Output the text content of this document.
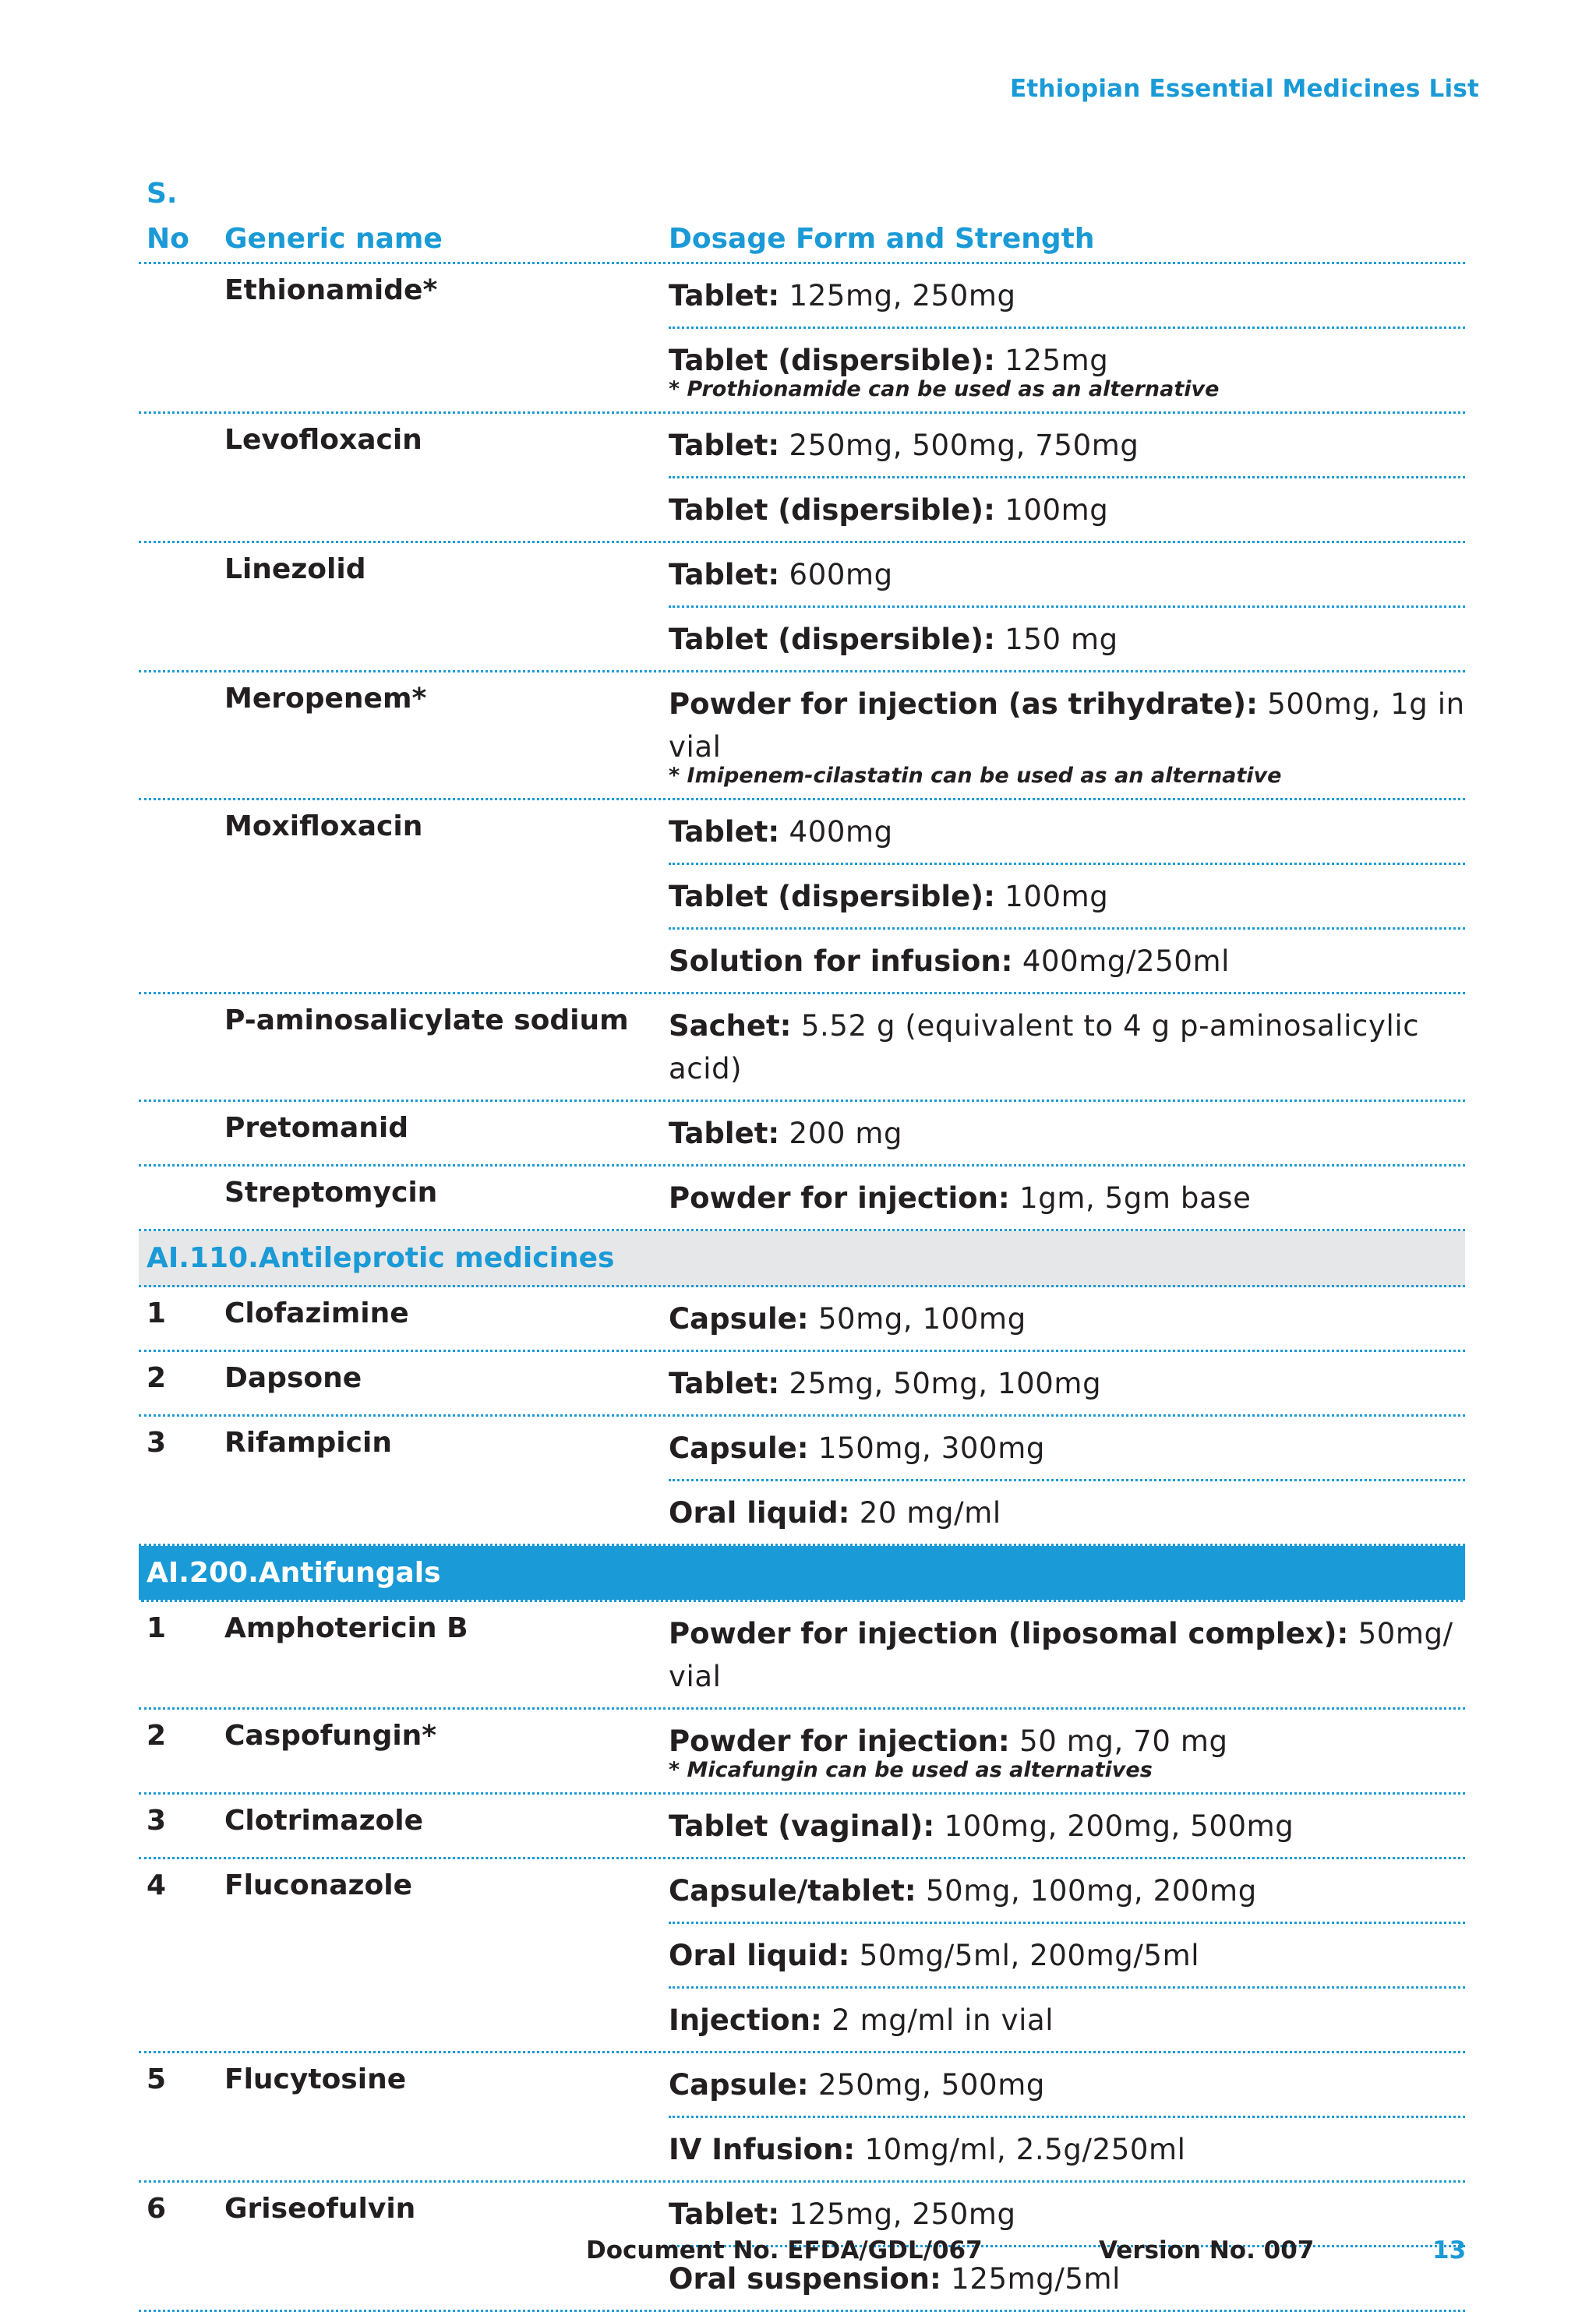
Ethiopian Essential Medicines List
S.
No Generic name	Dosage Form and Strength
Ethionamide*	Tablet: 125mg, 250mg
Tablet (dispersible): 125mg
* Prothionamide can be used as an alternative
Levofloxacin	Tablet: 250mg, 500mg, 750mg
Tablet (dispersible): 100mg
Linezolid	Tablet: 600mg
Tablet (dispersible): 150 mg
Meropenem*	Powder for injection (as trihydrate): 500mg, 1g in vial
* Imipenem-cilastatin can be used as an alternative
Moxifloxacin	Tablet: 400mg
Tablet (dispersible): 100mg
Solution for infusion: 400mg/250ml
P-aminosalicylate sodium	Sachet: 5.52 g (equivalent to 4 g p-aminosalicylic acid)
Pretomanid	Tablet: 200 mg
Streptomycin	Powder for injection: 1gm, 5gm base
AI.110.Antileprotic medicines
1	Clofazimine	Capsule: 50mg, 100mg
2	Dapsone	Tablet: 25mg, 50mg, 100mg
3	Rifampicin	Capsule: 150mg, 300mg
Oral liquid: 20 mg/ml
AI.200.Antifungals
1	Amphotericin B	Powder for injection (liposomal complex): 50mg/ vial
2	Caspofungin*	Powder for injection: 50 mg, 70 mg
* Micafungin can be used as alternatives
3	Clotrimazole	Tablet (vaginal): 100mg, 200mg, 500mg
4	Fluconazole	Capsule/tablet: 50mg, 100mg, 200mg
Oral liquid: 50mg/5ml, 200mg/5ml
Injection: 2 mg/ml in vial
5	Flucytosine	Capsule: 250mg, 500mg
IV Infusion: 10mg/ml, 2.5g/250ml
6	Griseofulvin	Tablet: 125mg, 250mg
Oral suspension: 125mg/5ml
Document No. EFDA/GDL/067	Version No. 007	13
